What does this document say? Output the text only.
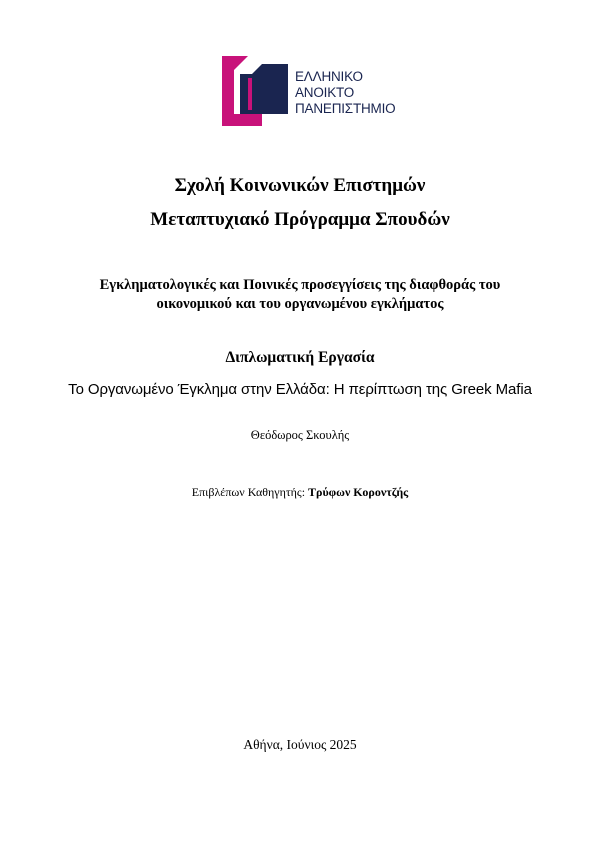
ΕΛΛΗΝΙΚΟ
ΑΝΟΙΚΤΟ
ΠΑΝΕΠΙΣΤΗΜΙΟ
Σχολή Κοινωνικών Επιστημών
Μεταπτυχιακό Πρόγραμμα Σπουδών
Εγκληματολογικές και Ποινικές προσεγγίσεις της διαφθοράς του
οικονομικού και του οργανωμένου εγκλήματος
Διπλωματική Εργασία
Το Οργανωμένο Έγκλημα στην Ελλάδα: Η περίπτωση της Greek Mafia
Θεόδωρος Σκουλής
Επιβλέπων Καθηγητής: Τρύφων Κοροντζής
Αθήνα, Ιούνιος 2025
